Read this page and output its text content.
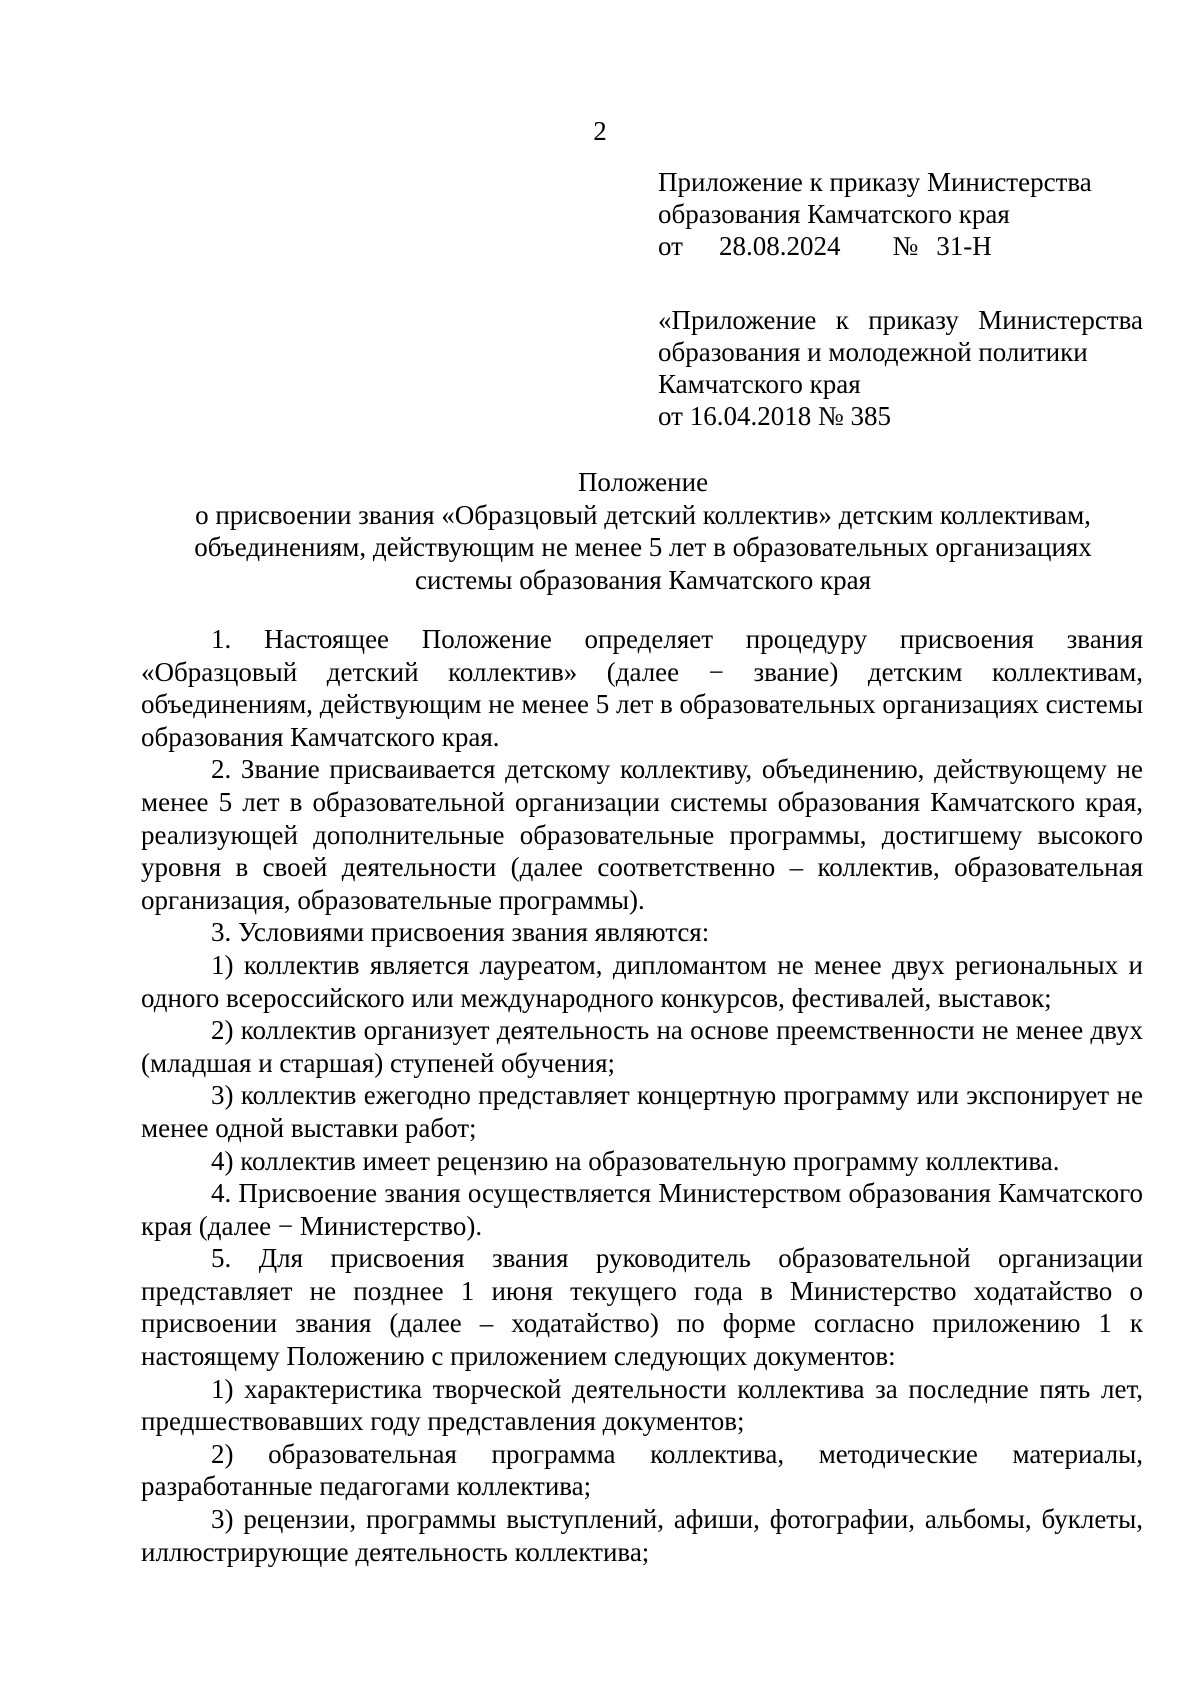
2
Приложение к приказу Министерства
образования Камчатского края
от 28.08.2024 № 31-Н
«Приложение к приказу Министерства
образования и молодежной политики
Камчатского края
от 16.04.2018 № 385
Положение
о присвоении звания «Образцовый детский коллектив» детским коллективам,
объединениям, действующим не менее 5 лет в образовательных организациях
системы образования Камчатского края

1. Настоящее Положение определяет процедуру присвоения звания «Образцовый детский коллектив» (далее − звание) детским коллективам, объединениям, действующим не менее 5 лет в образовательных организациях системы образования Камчатского края.

2. Звание присваивается детскому коллективу, объединению, действующему не менее 5 лет в образовательной организации системы образования Камчатского края, реализующей дополнительные образовательные программы, достигшему высокого уровня в своей деятельности (далее соответственно – коллектив, образовательная организация, образовательные программы).

3. Условиями присвоения звания являются:

1) коллектив является лауреатом, дипломантом не менее двух региональных и одного всероссийского или международного конкурсов, фестивалей, выставок;

2) коллектив организует деятельность на основе преемственности не менее двух (младшая и старшая) ступеней обучения;

3) коллектив ежегодно представляет концертную программу или экспонирует не менее одной выставки работ;

4) коллектив имеет рецензию на образовательную программу коллектива.

4. Присвоение звания осуществляется Министерством образования Камчатского края (далее − Министерство).

5. Для присвоения звания руководитель образовательной организации представляет не позднее 1 июня текущего года в Министерство ходатайство о присвоении звания (далее – ходатайство) по форме согласно приложению 1 к настоящему Положению с приложением следующих документов:

1) характеристика творческой деятельности коллектива за последние пять лет, предшествовавших году представления документов;

2) образовательная программа коллектива, методические материалы, разработанные педагогами коллектива;

3) рецензии, программы выступлений, афиши, фотографии, альбомы, буклеты, иллюстрирующие деятельность коллектива;
